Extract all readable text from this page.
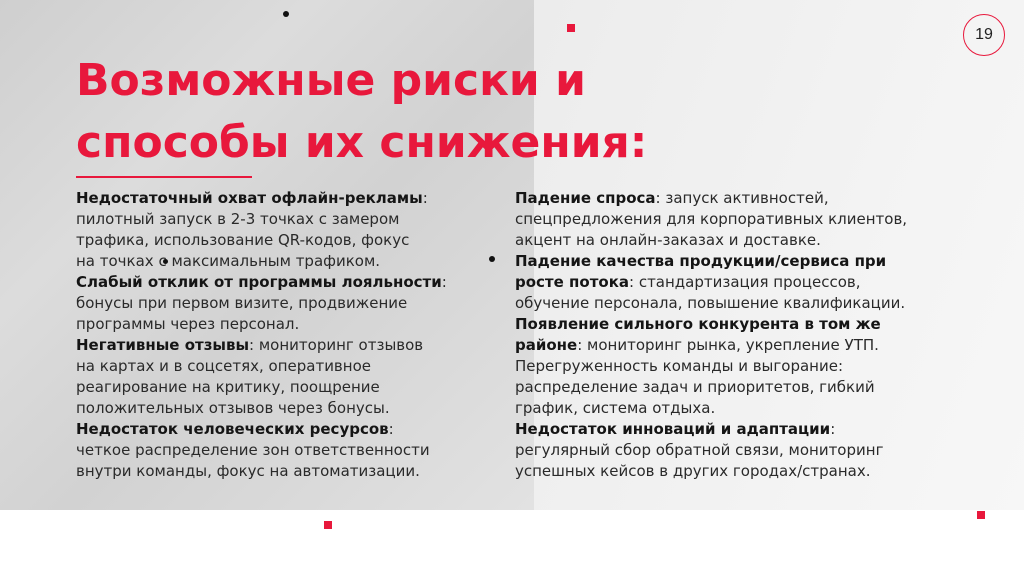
19
Возможные риски и
способы их снижения:

Недостаточный охват офлайн-рекламы:

пилотный запуск в 2-3 точках с замером

трафика, использование QR-кодов, фокус

на точках с максимальным трафиком.

Слабый отклик от программы лояльности:

бонусы при первом визите, продвижение

программы через персонал.

Негативные отзывы: мониторинг отзывов

на картах и в соцсетях, оперативное

реагирование на критику, поощрение

положительных отзывов через бонусы.

Недостаток человеческих ресурсов:

четкое распределение зон ответственности

внутри команды, фокус на автоматизации.

Падение спроса: запуск активностей,

спецпредложения для корпоративных клиентов,

акцент на онлайн-заказах и доставке.

Падение качества продукции/сервиса при

росте потока: стандартизация процессов,

обучение персонала, повышение квалификации.

Появление сильного конкурента в том же

районе: мониторинг рынка, укрепление УТП.

Перегруженность команды и выгорание:

распределение задач и приоритетов, гибкий

график, система отдыха.

Недостаток инноваций и адаптации:

регулярный сбор обратной связи, мониторинг

успешных кейсов в других городах/странах.
